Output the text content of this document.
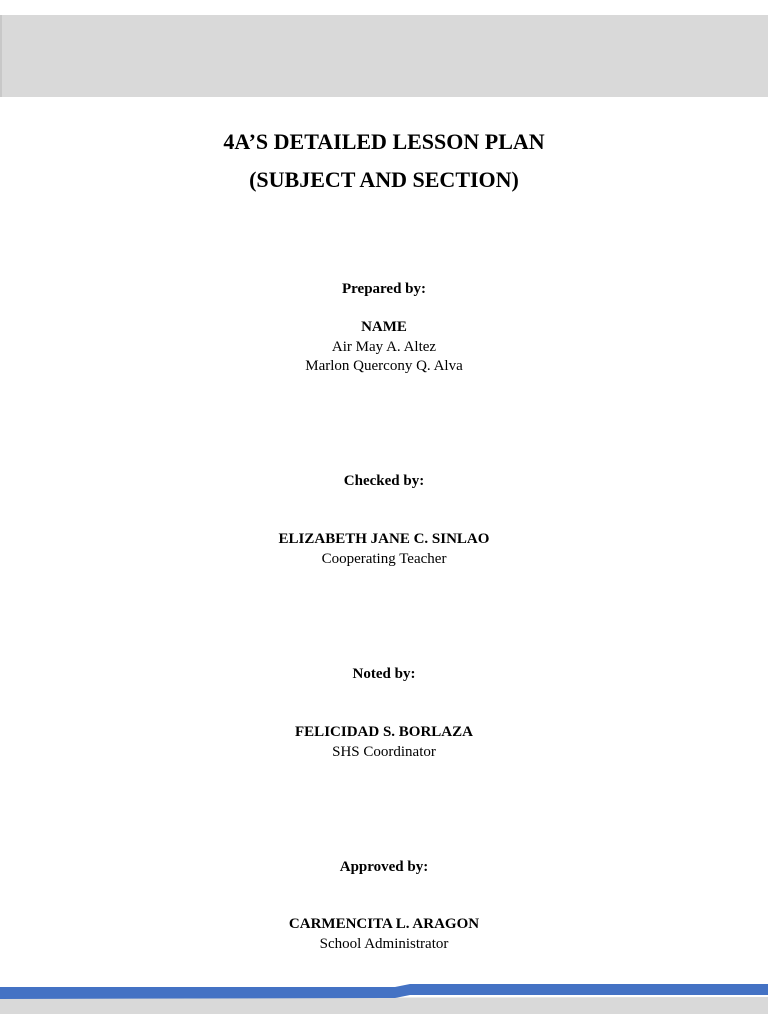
4A’S DETAILED LESSON PLAN
(SUBJECT AND SECTION)
Prepared by:
NAME
Air May A. Altez
Marlon Quercony Q. Alva
Checked by:
ELIZABETH JANE C. SINLAO
Cooperating Teacher
Noted by:
FELICIDAD S. BORLAZA
SHS Coordinator
Approved by:
CARMENCITA L. ARAGON
School Administrator
